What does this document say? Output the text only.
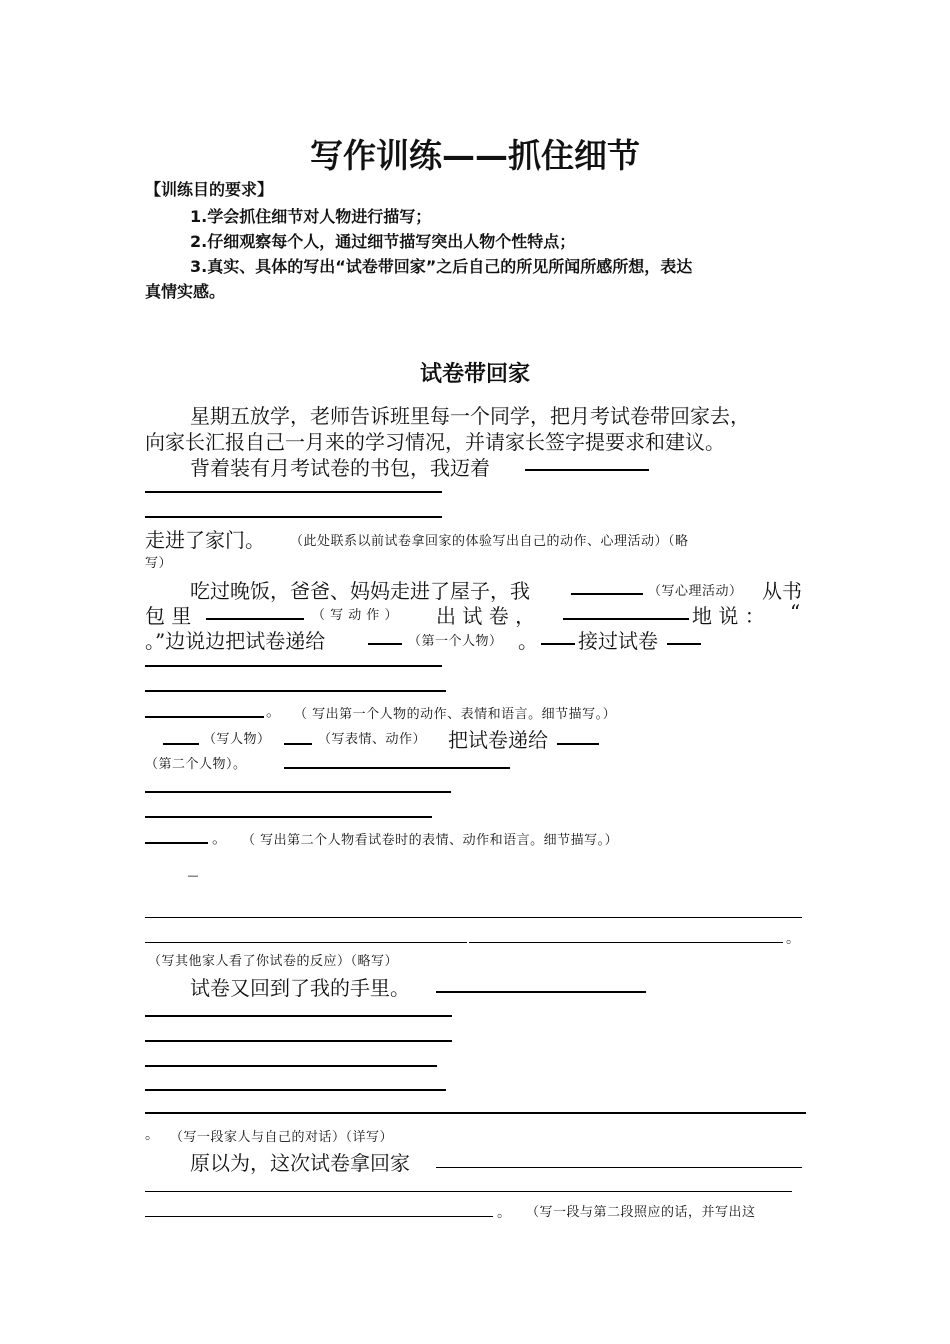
写作训练——抓住细节
【训练目的要求】
1.学会抓住细节对人物进行描写；
2.仔细观察每个人，通过细节描写突出人物个性特点；
3.真实、具体的写出“试卷带回家”之后自己的所见所闻所感所想，表达
真情实感。
试卷带回家
星期五放学，老师告诉班里每一个同学，把月考试卷带回家去，
向家长汇报自己一月来的学习情况，并请家长签字提要求和建议。
背着装有月考试卷的书包，我迈着
走进了家门。 （此处联系以前试卷拿回家的体验写出自己的动作、心理活动）（略
写）
吃过晚饭，爸爸、妈妈走进了屋子，我	（写心理活动） 从书
包 里	（ 写 动 作 ） 出 试 卷 ，	地 说 ： “
。”边说边把试卷递给	（第一个人物） 。 接过试卷
。 （ 写出第一个人物的动作、表情和语言。细节描写。）
（写人物）	（写表情、动作） 把试卷递给
（第二个人物）。
。 （ 写出第二个人物看试卷时的表情、动作和语言。细节描写。）
_
。
（写其他家人看了你试卷的反应）（略写）
试卷又回到了我的手里。
。 （写一段家人与自己的对话）（详写）
原以为，这次试卷拿回家
。 （写一段与第二段照应的话，并写出这
